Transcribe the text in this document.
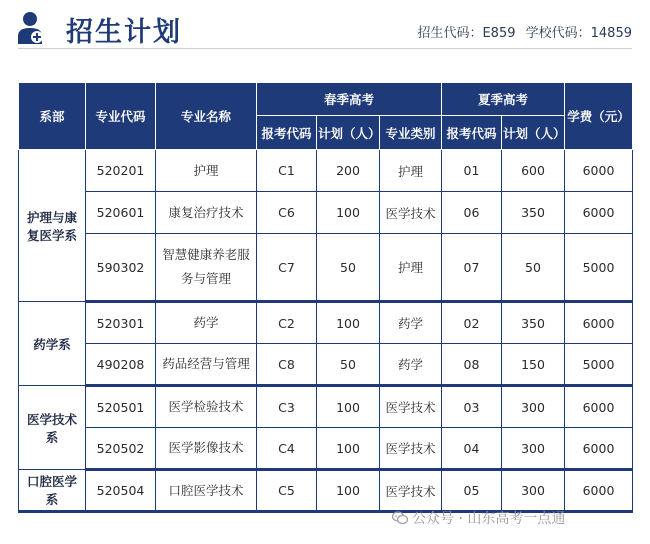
招生计划	招生代码：E859 学校代码：14859
系部	专业代码	专业名称	春季高考			夏季高考		学费（元）
			报考代码	计划（人）	专业类别	报考代码	计划（人）	
护理与康复医学系	520201	护理	C1	200	护理	01	600	6000
	520601	康复治疗技术	C6	100	医学技术	06	350	6000
	590302	智慧健康养老服务与管理	C7	50	护理	07	50	5000
药学系	520301	药学	C2	100	药学	02	350	6000
	490208	药品经营与管理	C8	50	药学	08	150	5000
医学技术系	520501	医学检验技术	C3	100	医学技术	03	300	6000
	520502	医学影像技术	C4	100	医学技术	04	300	6000
口腔医学系	520504	口腔医学技术	C5	100	医学技术	05	300	6000
公众号 · 山东高考一点通
